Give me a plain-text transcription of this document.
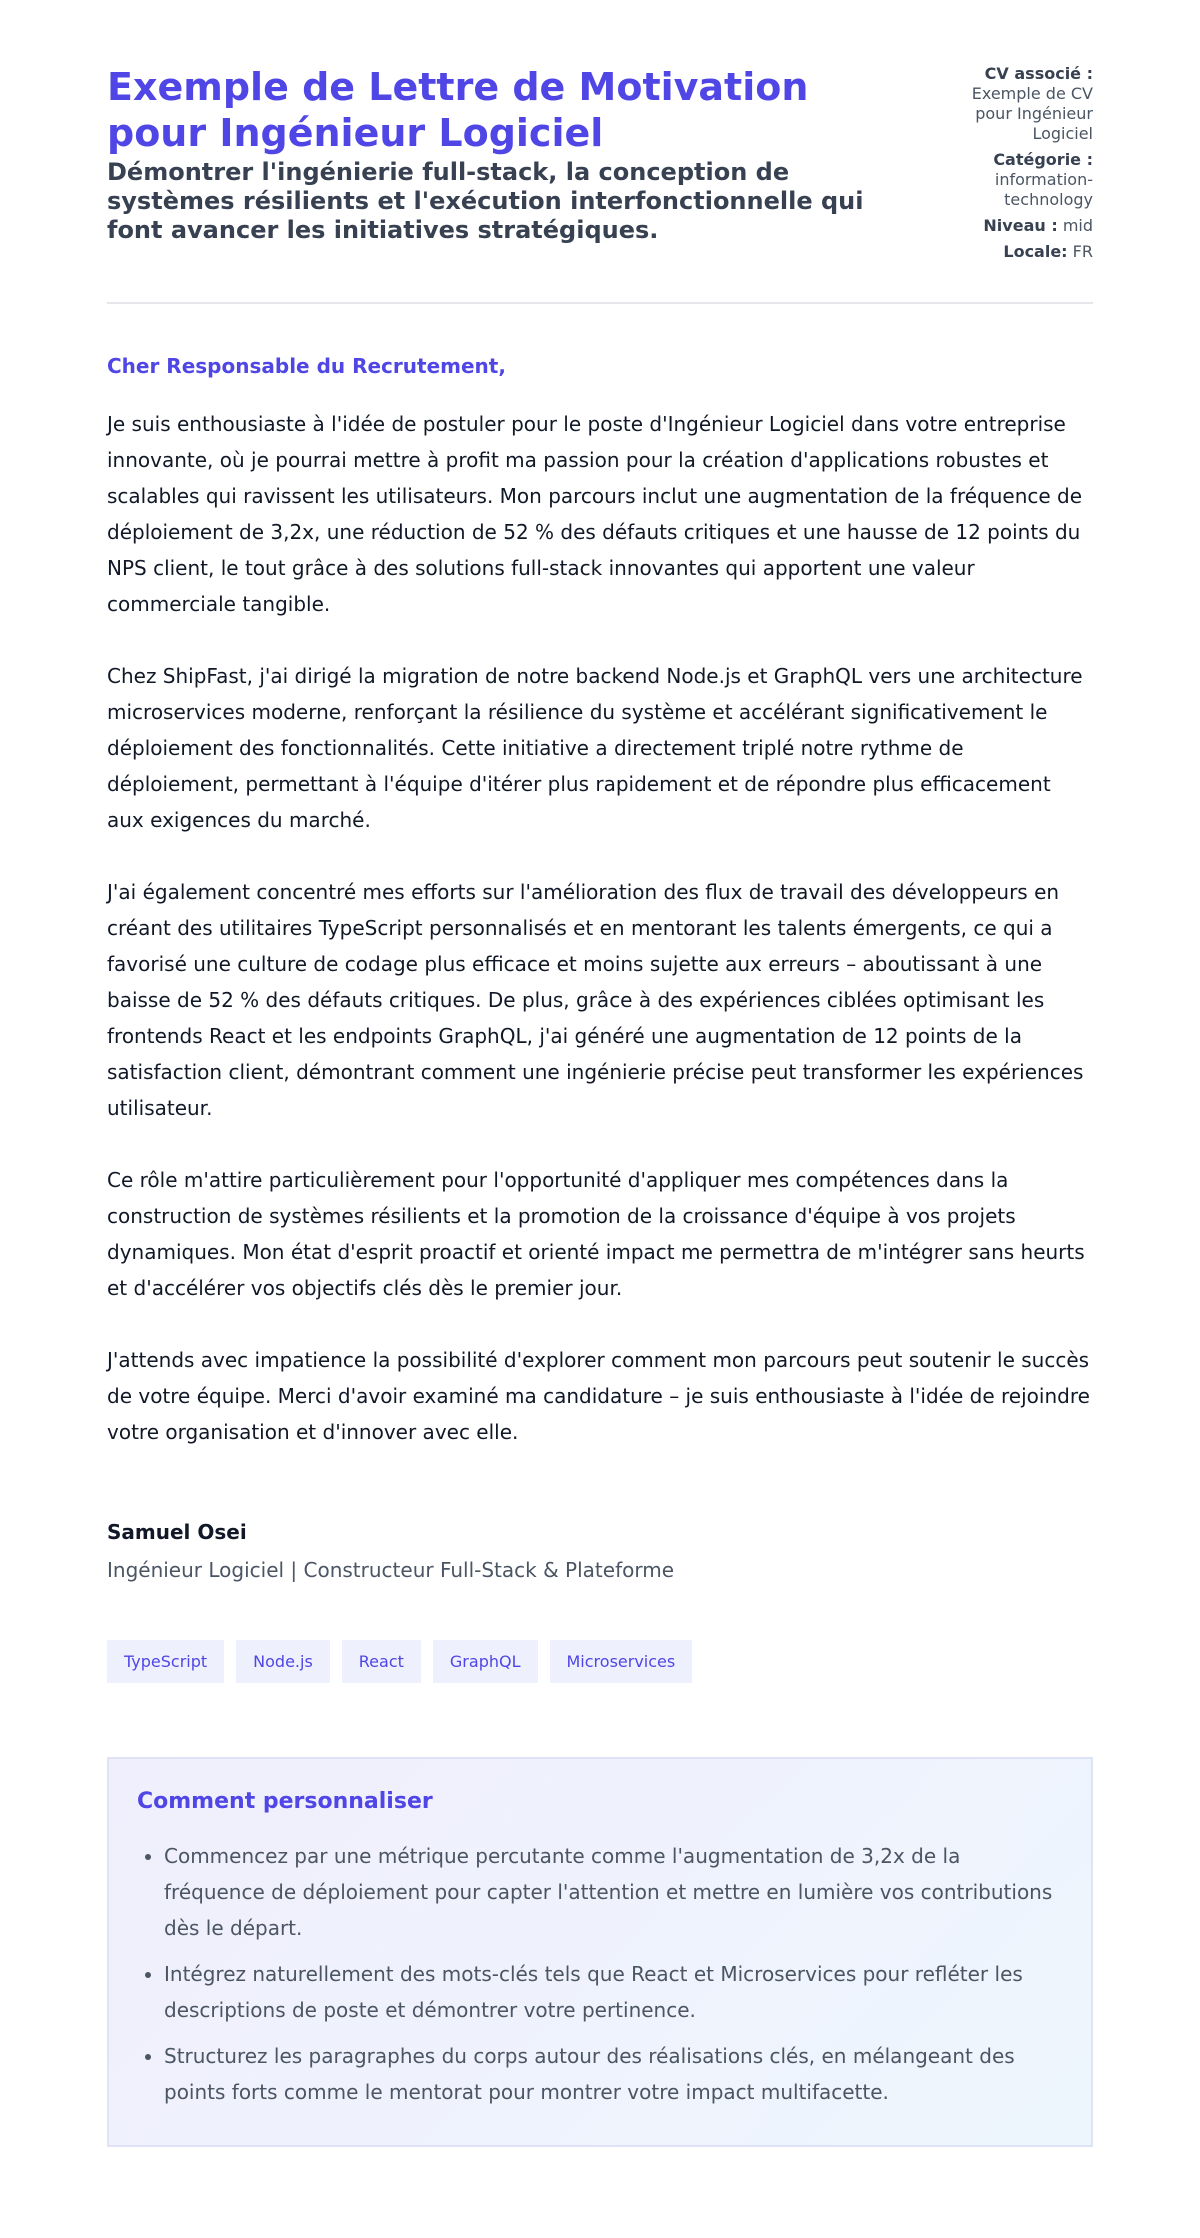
Exemple de Lettre de Motivation pour Ingénieur Logiciel
Démontrer l'ingénierie full-stack, la conception de systèmes résilients et l'exécution interfonctionnelle qui font avancer les initiatives stratégiques.
CV associé :
Exemple de CV pour Ingénieur Logiciel
Catégorie :
information-technology
Niveau : mid
Locale: FR
Cher Responsable du Recrutement,

Je suis enthousiaste à l'idée de postuler pour le poste d'Ingénieur Logiciel dans votre entreprise innovante, où je pourrai mettre à profit ma passion pour la création d'applications robustes et scalables qui ravissent les utilisateurs. Mon parcours inclut une augmentation de la fréquence de déploiement de 3,2x, une réduction de 52 % des défauts critiques et une hausse de 12 points du NPS client, le tout grâce à des solutions full-stack innovantes qui apportent une valeur commerciale tangible.

Chez ShipFast, j'ai dirigé la migration de notre backend Node.js et GraphQL vers une architecture microservices moderne, renforçant la résilience du système et accélérant significativement le déploiement des fonctionnalités. Cette initiative a directement triplé notre rythme de déploiement, permettant à l'équipe d'itérer plus rapidement et de répondre plus efficacement aux exigences du marché.

J'ai également concentré mes efforts sur l'amélioration des flux de travail des développeurs en créant des utilitaires TypeScript personnalisés et en mentorant les talents émergents, ce qui a favorisé une culture de codage plus efficace et moins sujette aux erreurs – aboutissant à une baisse de 52 % des défauts critiques. De plus, grâce à des expériences ciblées optimisant les frontends React et les endpoints GraphQL, j'ai généré une augmentation de 12 points de la satisfaction client, démontrant comment une ingénierie précise peut transformer les expériences utilisateur.

Ce rôle m'attire particulièrement pour l'opportunité d'appliquer mes compétences dans la construction de systèmes résilients et la promotion de la croissance d'équipe à vos projets dynamiques. Mon état d'esprit proactif et orienté impact me permettra de m'intégrer sans heurts et d'accélérer vos objectifs clés dès le premier jour.

J'attends avec impatience la possibilité d'explorer comment mon parcours peut soutenir le succès de votre équipe. Merci d'avoir examiné ma candidature – je suis enthousiaste à l'idée de rejoindre votre organisation et d'innover avec elle.

Samuel Osei
Ingénieur Logiciel | Constructeur Full-Stack & Plateforme
TypeScript	Node.js	React	GraphQL	Microservices
Comment personnaliser
• Commencez par une métrique percutante comme l'augmentation de 3,2x de la fréquence de déploiement pour capter l'attention et mettre en lumière vos contributions dès le départ.
• Intégrez naturellement des mots-clés tels que React et Microservices pour refléter les descriptions de poste et démontrer votre pertinence.
• Structurez les paragraphes du corps autour des réalisations clés, en mélangeant des points forts comme le mentorat pour montrer votre impact multifacette.
